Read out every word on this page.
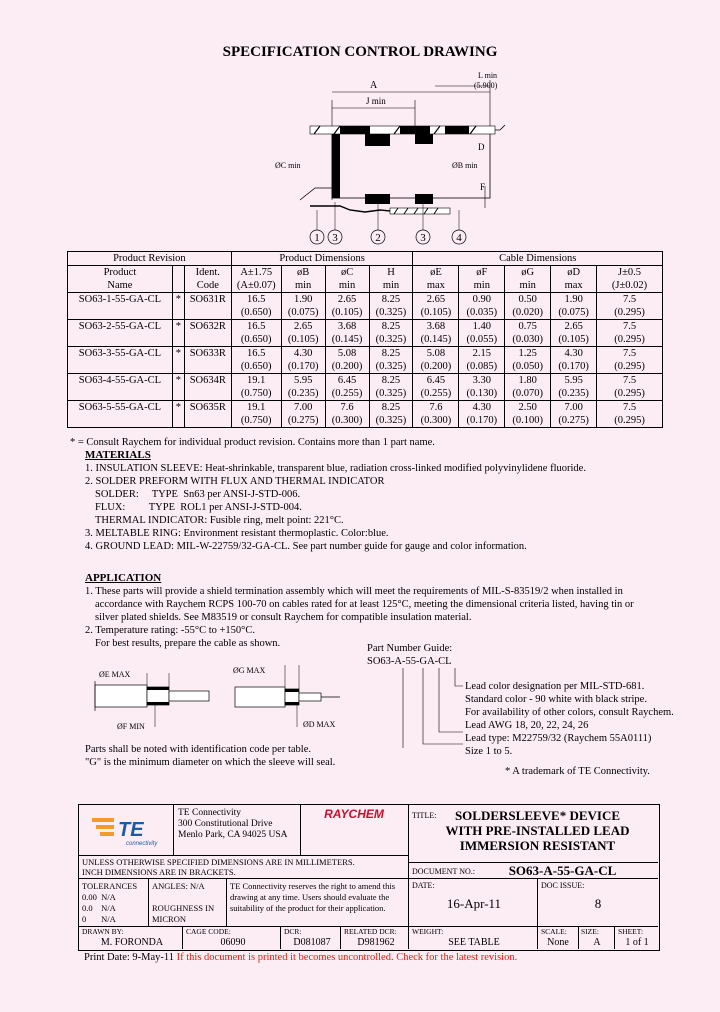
SPECIFICATION CONTROL DRAWING
A
J min
L min
(5.900)
ØC min	ØB min
D
F
1 3	2	3	4
Product Revision			Product Dimensions				Cable Dimensions				
Product		Ident.	A±1.75	øB	øC	H	øE	øF	øG	øD	J±0.5
Name		Code	(A±0.07)	min	min	min	max	min	min	max	(J±0.02)
SO63-1-55-GA-CL	*	SO631R	16.5	1.90	2.65	8.25	2.65	0.90	0.50	1.90	7.5
			(0.650)	(0.075)	(0.105)	(0.325)	(0.105)	(0.035)	(0.020)	(0.075)	(0.295)
SO63-2-55-GA-CL	*	SO632R	16.5	2.65	3.68	8.25	3.68	1.40	0.75	2.65	7.5
			(0.650)	(0.105)	(0.145)	(0.325)	(0.145)	(0.055)	(0.030)	(0.105)	(0.295)
SO63-3-55-GA-CL	*	SO633R	16.5	4.30	5.08	8.25	5.08	2.15	1.25	4.30	7.5
			(0.650)	(0.170)	(0.200)	(0.325)	(0.200)	(0.085)	(0.050)	(0.170)	(0.295)
SO63-4-55-GA-CL	*	SO634R	19.1	5.95	6.45	8.25	6.45	3.30	1.80	5.95	7.5
			(0.750)	(0.235)	(0.255)	(0.325)	(0.255)	(0.130)	(0.070)	(0.235)	(0.295)
SO63-5-55-GA-CL	*	SO635R	19.1	7.00	7.6	8.25	7.6	4.30	2.50	7.00	7.5
			(0.750)	(0.275)	(0.300)	(0.325)	(0.300)	(0.170)	(0.100)	(0.275)	(0.295)
* = Consult Raychem for individual product revision. Contains more than 1 part name.
MATERIALS
1. INSULATION SLEEVE: Heat-shrinkable, transparent blue, radiation cross-linked modified polyvinylidene fluoride.
2. SOLDER PREFORM WITH FLUX AND THERMAL INDICATOR
SOLDER:     TYPE  Sn63 per ANSI-J-STD-006.
FLUX:         TYPE  ROL1 per ANSI-J-STD-004.
THERMAL INDICATOR: Fusible ring, melt point: 221°C.
3. MELTABLE RING: Environment resistant thermoplastic. Color:blue.
4. GROUND LEAD: MIL-W-22759/32-GA-CL. See part number guide for gauge and color information.
APPLICATION
1. These parts will provide a shield termination assembly which will meet the requirements of MIL-S-83519/2 when installed in
accordance with Raychem RCPS 100-70 on cables rated for at least 125°C, meeting the dimensional criteria listed, having tin or
silver plated shields. See M83519 or consult Raychem for compatible insulation material.
2. Temperature rating: -55°C to +150°C.
For best results, prepare the cable as shown.
ØE MAX	ØG MAX
ØF MIN	ØD MAX
Parts shall be noted with identification code per table.
"G" is the minimum diameter on which the sleeve will seal.
Part Number Guide:
SO63-A-55-GA-CL
Lead color designation per MIL-STD-681.
Standard color - 90 white with black stripe.
For availability of other colors, consult Raychem.
Lead AWG 18, 20, 22, 24, 26
Lead type: M22759/32 (Raychem 55A0111)
Size 1 to 5.
* A trademark of TE Connectivity.
TE
connectivity
TE Connectivity
300 Constitutional Drive
Menlo Park, CA 94025 USA
RAYCHEM	TITLE:	SOLDERSLEEVE* DEVICE
WITH PRE-INSTALLED LEAD
IMMERSION RESISTANT
UNLESS OTHERWISE SPECIFIED DIMENSIONS ARE IN MILLIMETERS.
INCH DIMENSIONS ARE IN BRACKETS.	DOCUMENT NO.:	SO63-A-55-GA-CL
TOLERANCES
0.00  N/A
0.0    N/A
0       N/A
ANGLES: N/A
ROUGHNESS IN
MICRON
TE Connectivity reserves the right to amend this drawing at any time. Users should evaluate the suitability of the product for their application.
DATE:
16-Apr-11
DOC ISSUE:
8
DRAWN BY:
M. FORONDA
CAGE CODE:
06090
DCR:
D081087
RELATED DCR:
D981962
WEIGHT:
SEE TABLE
SCALE:
None
SIZE:
A
SHEET:
1 of 1
Print Date: 9-May-11 If this document is printed it becomes uncontrolled. Check for the latest revision.
